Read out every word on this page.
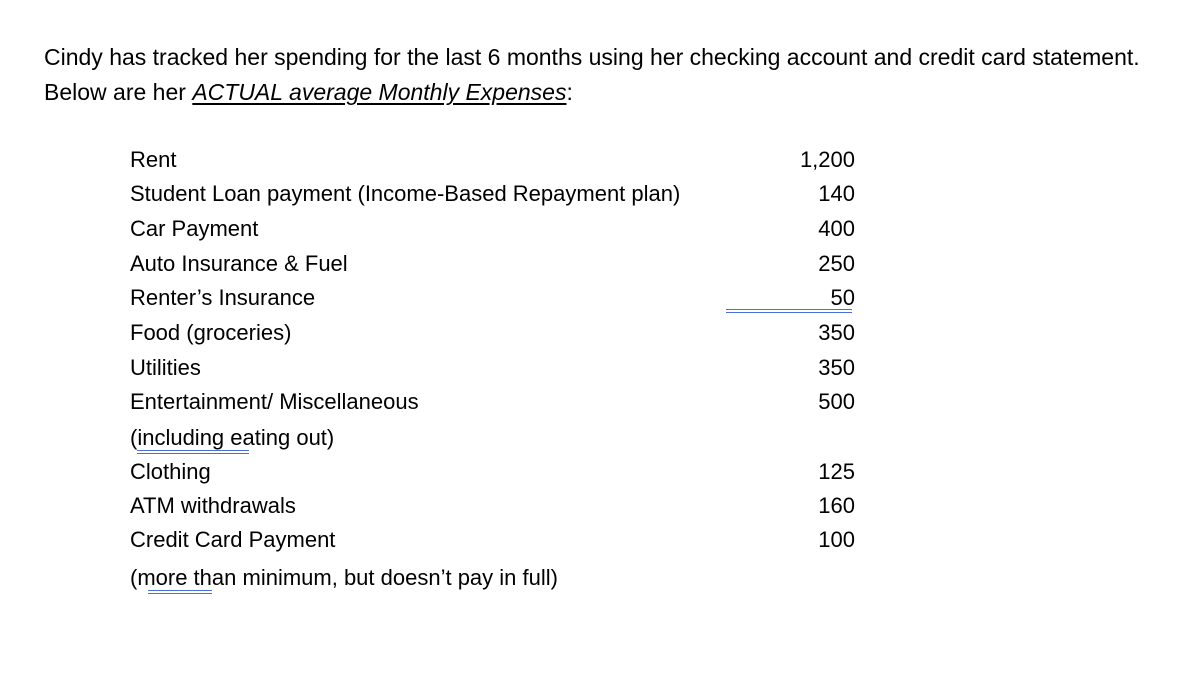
Cindy has tracked her spending for the last 6 months using her checking account and credit card statement. Below are her ACTUAL average Monthly Expenses:
Rent	1,200
Student Loan payment (Income-Based Repayment plan)	140
Car Payment	400
Auto Insurance & Fuel	250
Renter’s Insurance	50
Food (groceries)	350
Utilities	350
Entertainment/ Miscellaneous	500
(including eating out)
Clothing	125
ATM withdrawals	160
Credit Card Payment	100
(more than minimum, but doesn’t pay in full)
